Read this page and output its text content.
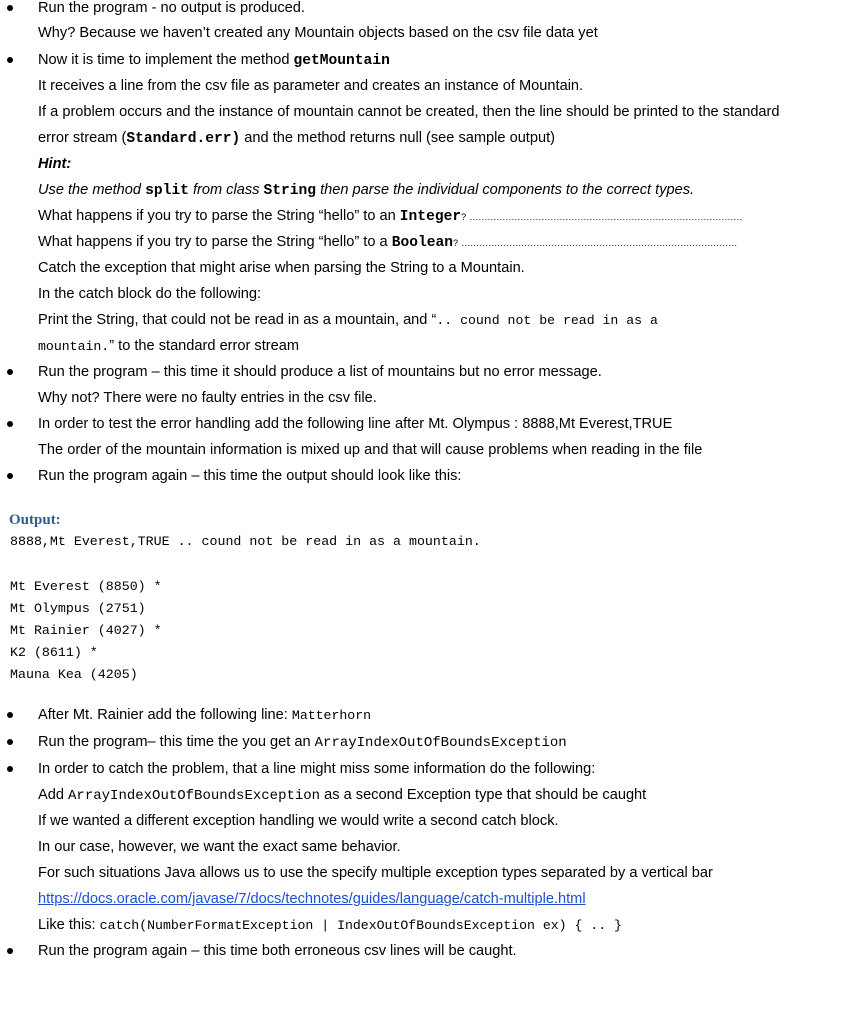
Run the program - no output is produced.
Why? Because we haven’t created any Mountain objects based on the csv file data yet
Now it is time to implement the method getMountain
It receives a line from the csv file as parameter and creates an instance of Mountain.
If a problem occurs and the instance of mountain cannot be created, then the line should be printed to the standard
error stream (Standard.err) and the method returns null (see sample output)
Hint:
Use the method split from class String then parse the individual components to the correct types.
What happens if you try to parse the String “hello” to an Integer? ...........................................................................................
What happens if you try to parse the String “hello” to a Boolean? ............................................................................................
Catch the exception that might arise when parsing the String to a Mountain.
In the catch block do the following:
Print the String, that could not be read in as a mountain, and “.. cound not be read in as a
mountain.” to the standard error stream
Run the program – this time it should produce a list of mountains but no error message.
Why not? There were no faulty entries in the csv file.
In order to test the error handling add the following line after Mt. Olympus : 8888,Mt Everest,TRUE
The order of the mountain information is mixed up and that will cause problems when reading in the file
Run the program again – this time the output should look like this:
Output:
8888,Mt Everest,TRUE .. cound not be read in as a mountain.
Mt Everest (8850) *
Mt Olympus (2751)
Mt Rainier (4027) *
K2 (8611) *
Mauna Kea (4205)
After Mt. Rainier add the following line: Matterhorn
Run the program– this time the you get an ArrayIndexOutOfBoundsException
In order to catch the problem, that a line might miss some information do the following:
Add ArrayIndexOutOfBoundsException as a second Exception type that should be caught
If we wanted a different exception handling we would write a second catch block.
In our case, however, we want the exact same behavior.
For such situations Java allows us to use the specify multiple exception types separated by a vertical bar
https://docs.oracle.com/javase/7/docs/technotes/guides/language/catch-multiple.html
Like this: catch(NumberFormatException | IndexOutOfBoundsException ex) { .. }
Run the program again – this time both erroneous csv lines will be caught.
